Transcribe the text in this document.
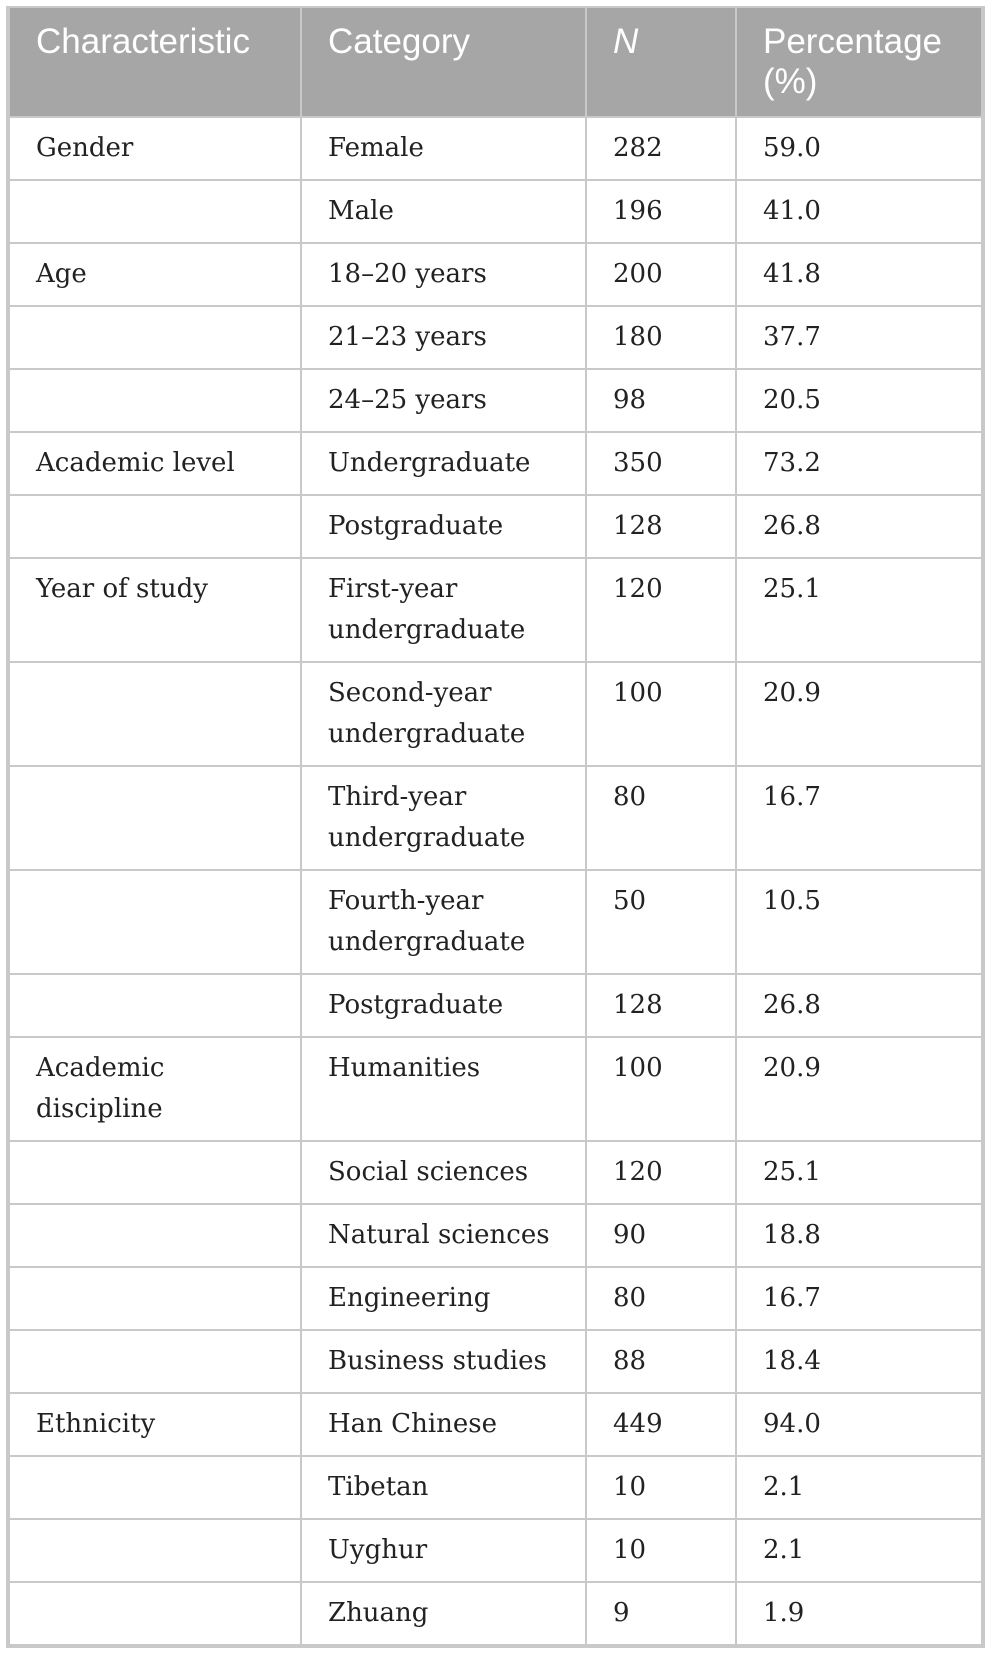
Characteristic	Category	N	Percentage (%)
Gender	Female	282	59.0
	Male	196	41.0
Age	18–20 years	200	41.8
	21–23 years	180	37.7
	24–25 years	98	20.5
Academic level	Undergraduate	350	73.2
	Postgraduate	128	26.8
Year of study	First-year undergraduate	120	25.1
	Second-year undergraduate	100	20.9
	Third-year undergraduate	80	16.7
	Fourth-year undergraduate	50	10.5
	Postgraduate	128	26.8
Academic discipline	Humanities	100	20.9
	Social sciences	120	25.1
	Natural sciences	90	18.8
	Engineering	80	16.7
	Business studies	88	18.4
Ethnicity	Han Chinese	449	94.0
	Tibetan	10	2.1
	Uyghur	10	2.1
	Zhuang	9	1.9
